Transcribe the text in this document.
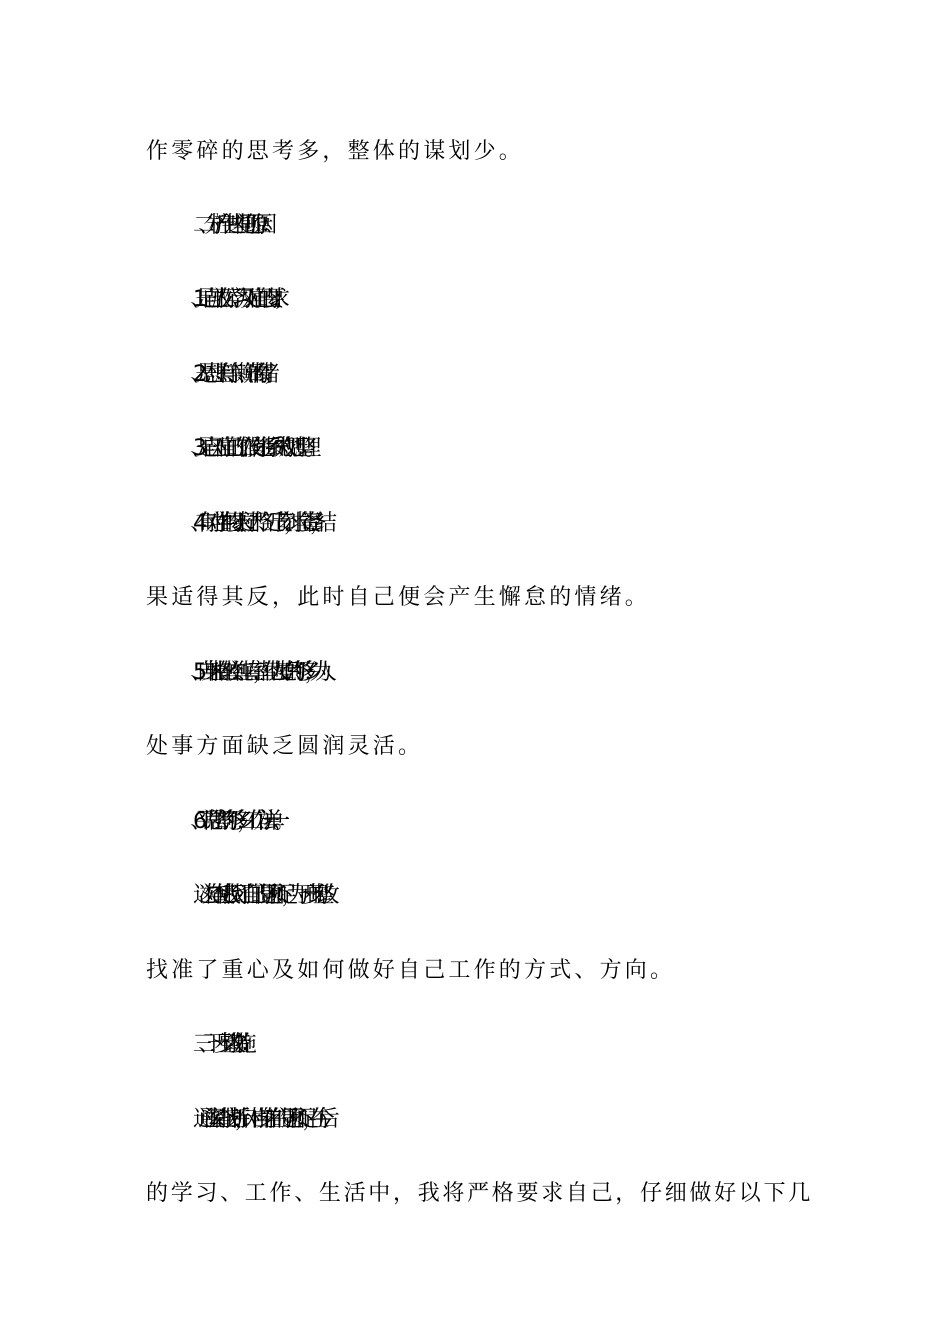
作零碎的思考多，整体的谋划少。
二、分析产生这些问题的原因：
1、是自己放松了学习及对自己的要求；
2、是思想上有等、懒、靠的情绪；
3、是自己对自己的工作没有进行系统的规划、整理。
4、有时对学生的要求过于严格、近于苛刻，求全责备，结
果适得其反，此时自己便会产生懈怠的情绪。
5、自身性格比较单纯、直率，替他人考虑的不够多，为人
处事方面缺乏圆润灵活。
6、平常思考的不够多，工作方法单一。
这次自查使我找到了自己的问题和不足，为下一步的整改
找准了重心及如何做好自己工作的方式、方向。
三、下一步整改措施：
通过深刻查找剖析，针对自身存在的问题和不足，在今后
的学习、工作、生活中，我将严格要求自己，仔细做好以下几
